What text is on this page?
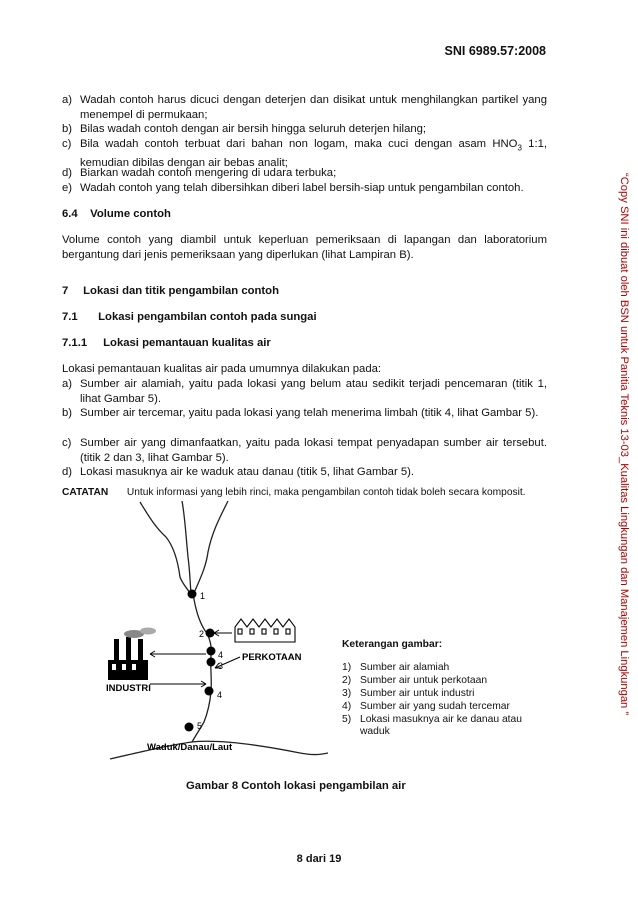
SNI 6989.57:2008
“Copy SNI ini dibuat oleh BSN untuk Panitia Teknis 13-03_Kualitas Lingkungan dan Manajemen Lingkungan ”
a) Wadah contoh harus dicuci dengan deterjen dan disikat untuk menghilangkan partikel yang menempel di permukaan;
b) Bilas wadah contoh dengan air bersih hingga seluruh deterjen hilang;
c) Bila wadah contoh terbuat dari bahan non logam, maka cuci dengan asam $HNO_3$ 1:1, kemudian dibilas dengan air bebas analit;
d) Biarkan wadah contoh mengering di udara terbuka;
e) Wadah contoh yang telah dibersihkan diberi label bersih-siap untuk pengambilan contoh.
6.4 Volume contoh
Volume contoh yang diambil untuk keperluan pemeriksaan di lapangan dan laboratorium bergantung dari jenis pemeriksaan yang diperlukan (lihat Lampiran B).
7 Lokasi dan titik pengambilan contoh
7.1 Lokasi pengambilan contoh pada sungai
7.1.1 Lokasi pemantauan kualitas air
Lokasi pemantauan kualitas air pada umumnya dilakukan pada:
a) Sumber air alamiah, yaitu pada lokasi yang belum atau sedikit terjadi pencemaran (titik 1, lihat Gambar 5).
b) Sumber air tercemar, yaitu pada lokasi yang telah menerima limbah (titik 4, lihat Gambar 5).
c) Sumber air yang dimanfaatkan, yaitu pada lokasi tempat penyadapan sumber air tersebut. (titik 2 dan 3, lihat Gambar 5).
d) Lokasi masuknya air ke waduk atau danau (titik 5, lihat Gambar 5).
CATATAN Untuk informasi yang lebih rinci, maka pengambilan contoh tidak boleh secara komposit.
1
2
4
3
4
5
INDUSTRI
PERKOTAAN
Waduk/Danau/Laut
Keterangan gambar:
1) Sumber air alamiah
2) Sumber air untuk perkotaan
3) Sumber air untuk industri
4) Sumber air yang sudah tercemar
5) Lokasi masuknya air ke danau atau waduk
Gambar 8 Contoh lokasi pengambilan air
8 dari 19
